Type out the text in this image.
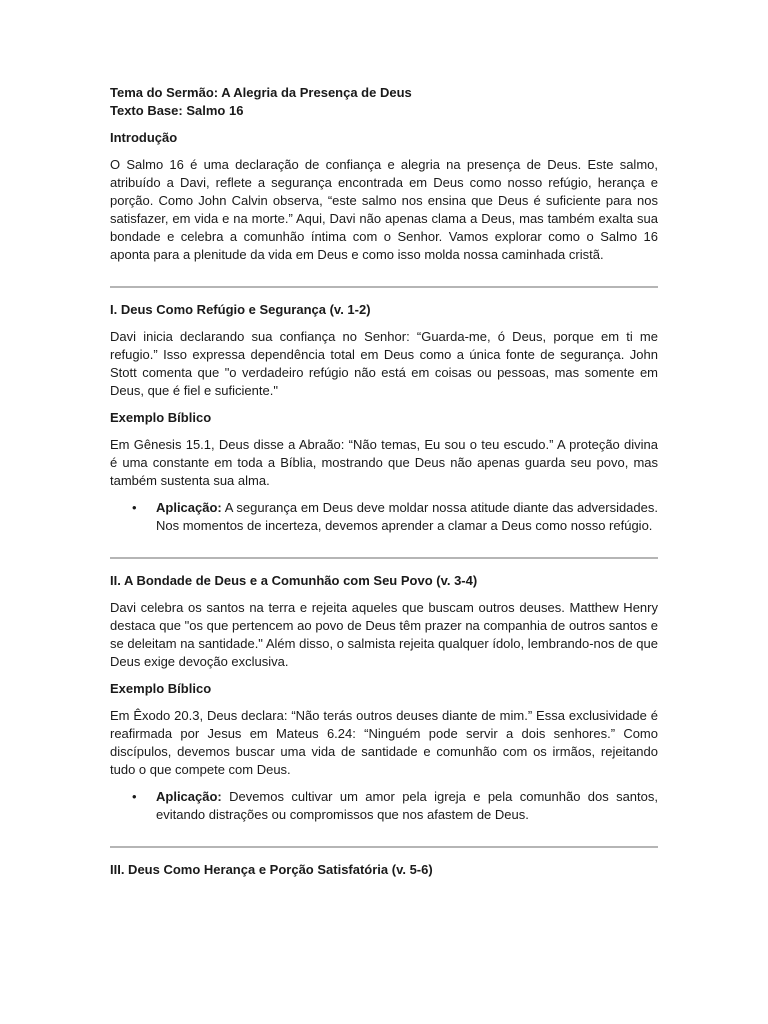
Tema do Sermão: A Alegria da Presença de Deus
Texto Base: Salmo 16
Introdução

O Salmo 16 é uma declaração de confiança e alegria na presença de Deus. Este salmo, atribuído a Davi, reflete a segurança encontrada em Deus como nosso refúgio, herança e porção. Como John Calvin observa, “este salmo nos ensina que Deus é suficiente para nos satisfazer, em vida e na morte.” Aqui, Davi não apenas clama a Deus, mas também exalta sua bondade e celebra a comunhão íntima com o Senhor. Vamos explorar como o Salmo 16 aponta para a plenitude da vida em Deus e como isso molda nossa caminhada cristã.

I. Deus Como Refúgio e Segurança (v. 1-2)

Davi inicia declarando sua confiança no Senhor: “Guarda-me, ó Deus, porque em ti me refugio.” Isso expressa dependência total em Deus como a única fonte de segurança. John Stott comenta que "o verdadeiro refúgio não está em coisas ou pessoas, mas somente em Deus, que é fiel e suficiente."

Exemplo Bíblico

Em Gênesis 15.1, Deus disse a Abraão: “Não temas, Eu sou o teu escudo.” A proteção divina é uma constante em toda a Bíblia, mostrando que Deus não apenas guarda seu povo, mas também sustenta sua alma.

• Aplicação: A segurança em Deus deve moldar nossa atitude diante das adversidades. Nos momentos de incerteza, devemos aprender a clamar a Deus como nosso refúgio.
II. A Bondade de Deus e a Comunhão com Seu Povo (v. 3-4)

Davi celebra os santos na terra e rejeita aqueles que buscam outros deuses. Matthew Henry destaca que "os que pertencem ao povo de Deus têm prazer na companhia de outros santos e se deleitam na santidade." Além disso, o salmista rejeita qualquer ídolo, lembrando-nos de que Deus exige devoção exclusiva.

Exemplo Bíblico

Em Êxodo 20.3, Deus declara: “Não terás outros deuses diante de mim.” Essa exclusividade é reafirmada por Jesus em Mateus 6.24: “Ninguém pode servir a dois senhores.” Como discípulos, devemos buscar uma vida de santidade e comunhão com os irmãos, rejeitando tudo o que compete com Deus.

• Aplicação: Devemos cultivar um amor pela igreja e pela comunhão dos santos, evitando distrações ou compromissos que nos afastem de Deus.
III. Deus Como Herança e Porção Satisfatória (v. 5-6)
